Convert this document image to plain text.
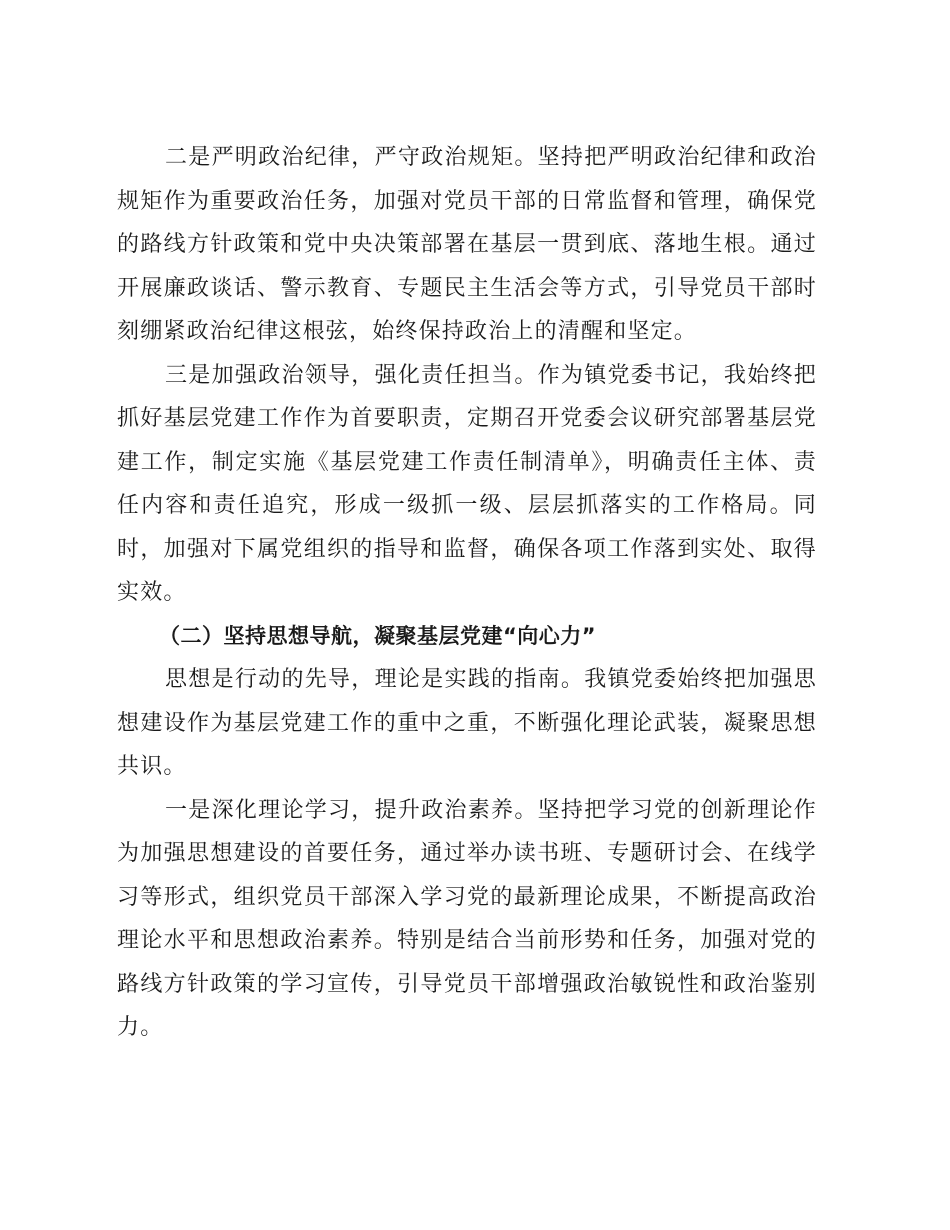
二是严明政治纪律，严守政治规矩。坚持把严明政治纪律和政治规矩作为重要政治任务，加强对党员干部的日常监督和管理，确保党的路线方针政策和党中央决策部署在基层一贯到底、落地生根。通过开展廉政谈话、警示教育、专题民主生活会等方式，引导党员干部时刻绷紧政治纪律这根弦，始终保持政治上的清醒和坚定。

三是加强政治领导，强化责任担当。作为镇党委书记，我始终把抓好基层党建工作作为首要职责，定期召开党委会议研究部署基层党建工作，制定实施《基层党建工作责任制清单》，明确责任主体、责任内容和责任追究，形成一级抓一级、层层抓落实的工作格局。同时，加强对下属党组织的指导和监督，确保各项工作落到实处、取得实效。

（二）坚持思想导航，凝聚基层党建“向心力”

思想是行动的先导，理论是实践的指南。我镇党委始终把加强思想建设作为基层党建工作的重中之重，不断强化理论武装，凝聚思想共识。

一是深化理论学习，提升政治素养。坚持把学习党的创新理论作为加强思想建设的首要任务，通过举办读书班、专题研讨会、在线学习等形式，组织党员干部深入学习党的最新理论成果，不断提高政治理论水平和思想政治素养。特别是结合当前形势和任务，加强对党的路线方针政策的学习宣传，引导党员干部增强政治敏锐性和政治鉴别力。
